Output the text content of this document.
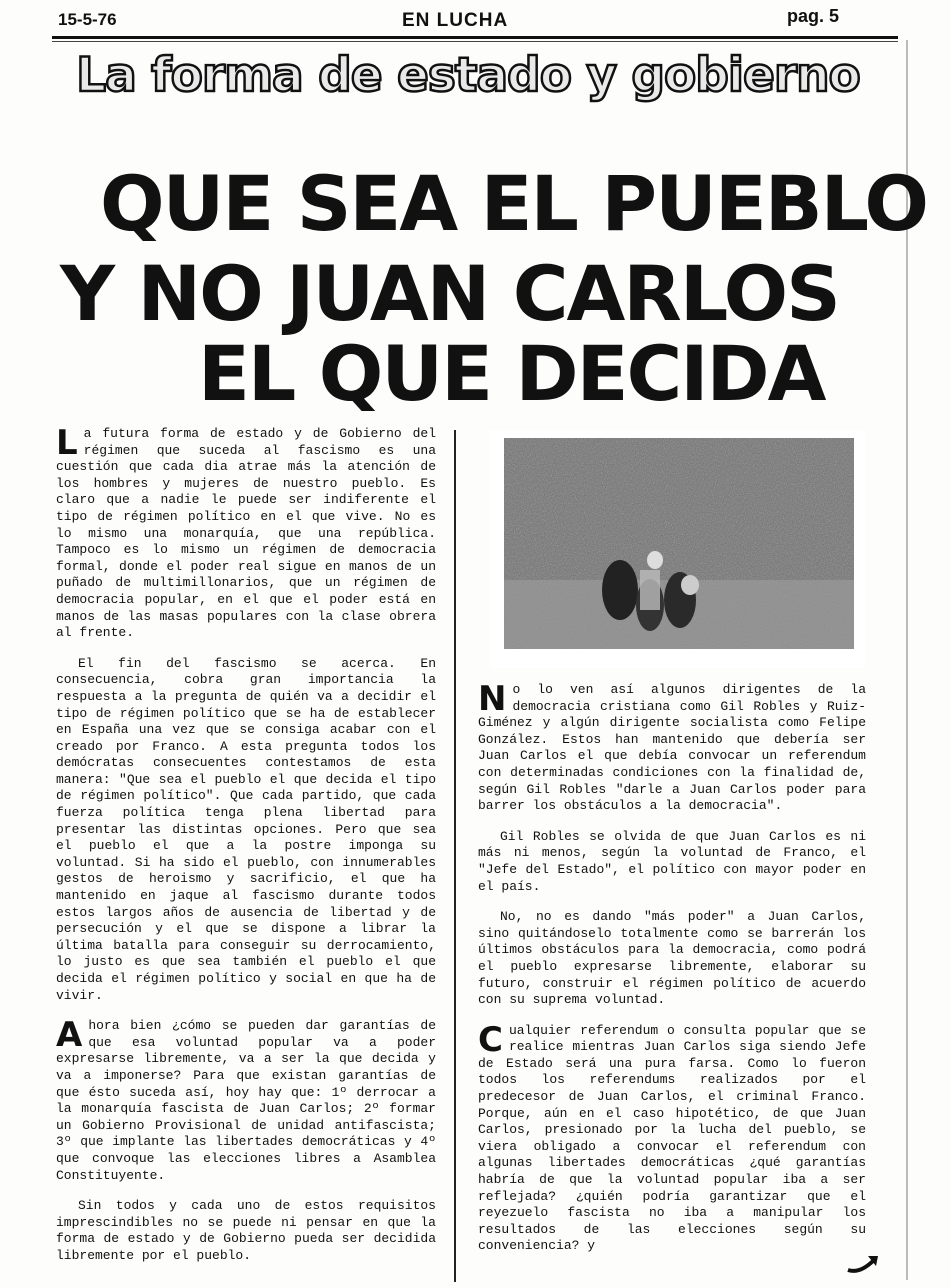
15-5-76	EN LUCHA	pag. 5
La forma de estado y gobierno
QUE SEA EL PUEBLO
Y NO JUAN CARLOS
EL QUE DECIDA

La futura forma de estado y de Gobierno del régimen que suceda al fascismo es una cuestión que cada dia atrae más la atención de los hombres y mujeres de nuestro pueblo. Es claro que a nadie le puede ser indiferente el tipo de régimen político en el que vive. No es lo mismo una monarquía, que una república. Tampoco es lo mismo un régimen de democracia formal, donde el poder real sigue en manos de un puñado de multimillonarios, que un régimen de democracia popular, en el que el poder está en manos de las masas populares con la clase obrera al frente.

El fin del fascismo se acerca. En consecuencia, cobra gran importancia la respuesta a la pregunta de quién va a decidir el tipo de régimen político que se ha de establecer en España una vez que se consiga acabar con el creado por Franco. A esta pregunta todos los demócratas consecuentes contestamos de esta manera: "Que sea el pueblo el que decida el tipo de régimen político". Que cada partido, que cada fuerza política tenga plena libertad para presentar las distintas opciones. Pero que sea el pueblo el que a la postre imponga su voluntad. Si ha sido el pueblo, con innumerables gestos de heroismo y sacrificio, el que ha mantenido en jaque al fascismo durante todos estos largos años de ausencia de libertad y de persecución y el que se dispone a librar la última batalla para conseguir su derrocamiento, lo justo es que sea también el pueblo el que decida el régimen político y social en que ha de vivir.

Ahora bien ¿cómo se pueden dar garantías de que esa voluntad popular va a poder expresarse libremente, va a ser la que decida y va a imponerse? Para que existan garantías de que ésto suceda así, hoy hay que: 1º derrocar a la monarquía fascista de Juan Carlos; 2º formar un Gobierno Provisional de unidad antifascista; 3º que implante las libertades democráticas y 4º que convoque las elecciones libres a Asamblea Constituyente.

Sin todos y cada uno de estos requisitos imprescindibles no se puede ni pensar en que la forma de estado y de Gobierno pueda ser decidida libremente por el pueblo.

No lo ven así algunos dirigentes de la democracia cristiana como Gil Robles y Ruiz-Giménez y algún dirigente socialista como Felipe González. Estos han mantenido que debería ser Juan Carlos el que debía convocar un referendum con determinadas condiciones con la finalidad de, según Gil Robles "darle a Juan Carlos poder para barrer los obstáculos a la democracia".

Gil Robles se olvida de que Juan Carlos es ni más ni menos, según la voluntad de Franco, el "Jefe del Estado", el político con mayor poder en el país.

No, no es dando "más poder" a Juan Carlos, sino quitándoselo totalmente como se barrerán los últimos obstáculos para la democracia, como podrá el pueblo expresarse libremente, elaborar su futuro, construir el régimen político de acuerdo con su suprema voluntad.

Cualquier referendum o consulta popular que se realice mientras Juan Carlos siga siendo Jefe de Estado será una pura farsa. Como lo fueron todos los referendums realizados por el predecesor de Juan Carlos, el criminal Franco. Porque, aún en el caso hipotético, de que Juan Carlos, presionado por la lucha del pueblo, se viera obligado a convocar el referendum con algunas libertades democráticas ¿qué garantías habría de que la voluntad popular iba a ser reflejada? ¿quién podría garantizar que el reyezuelo fascista no iba a manipular los resultados de las elecciones según su conveniencia? y
